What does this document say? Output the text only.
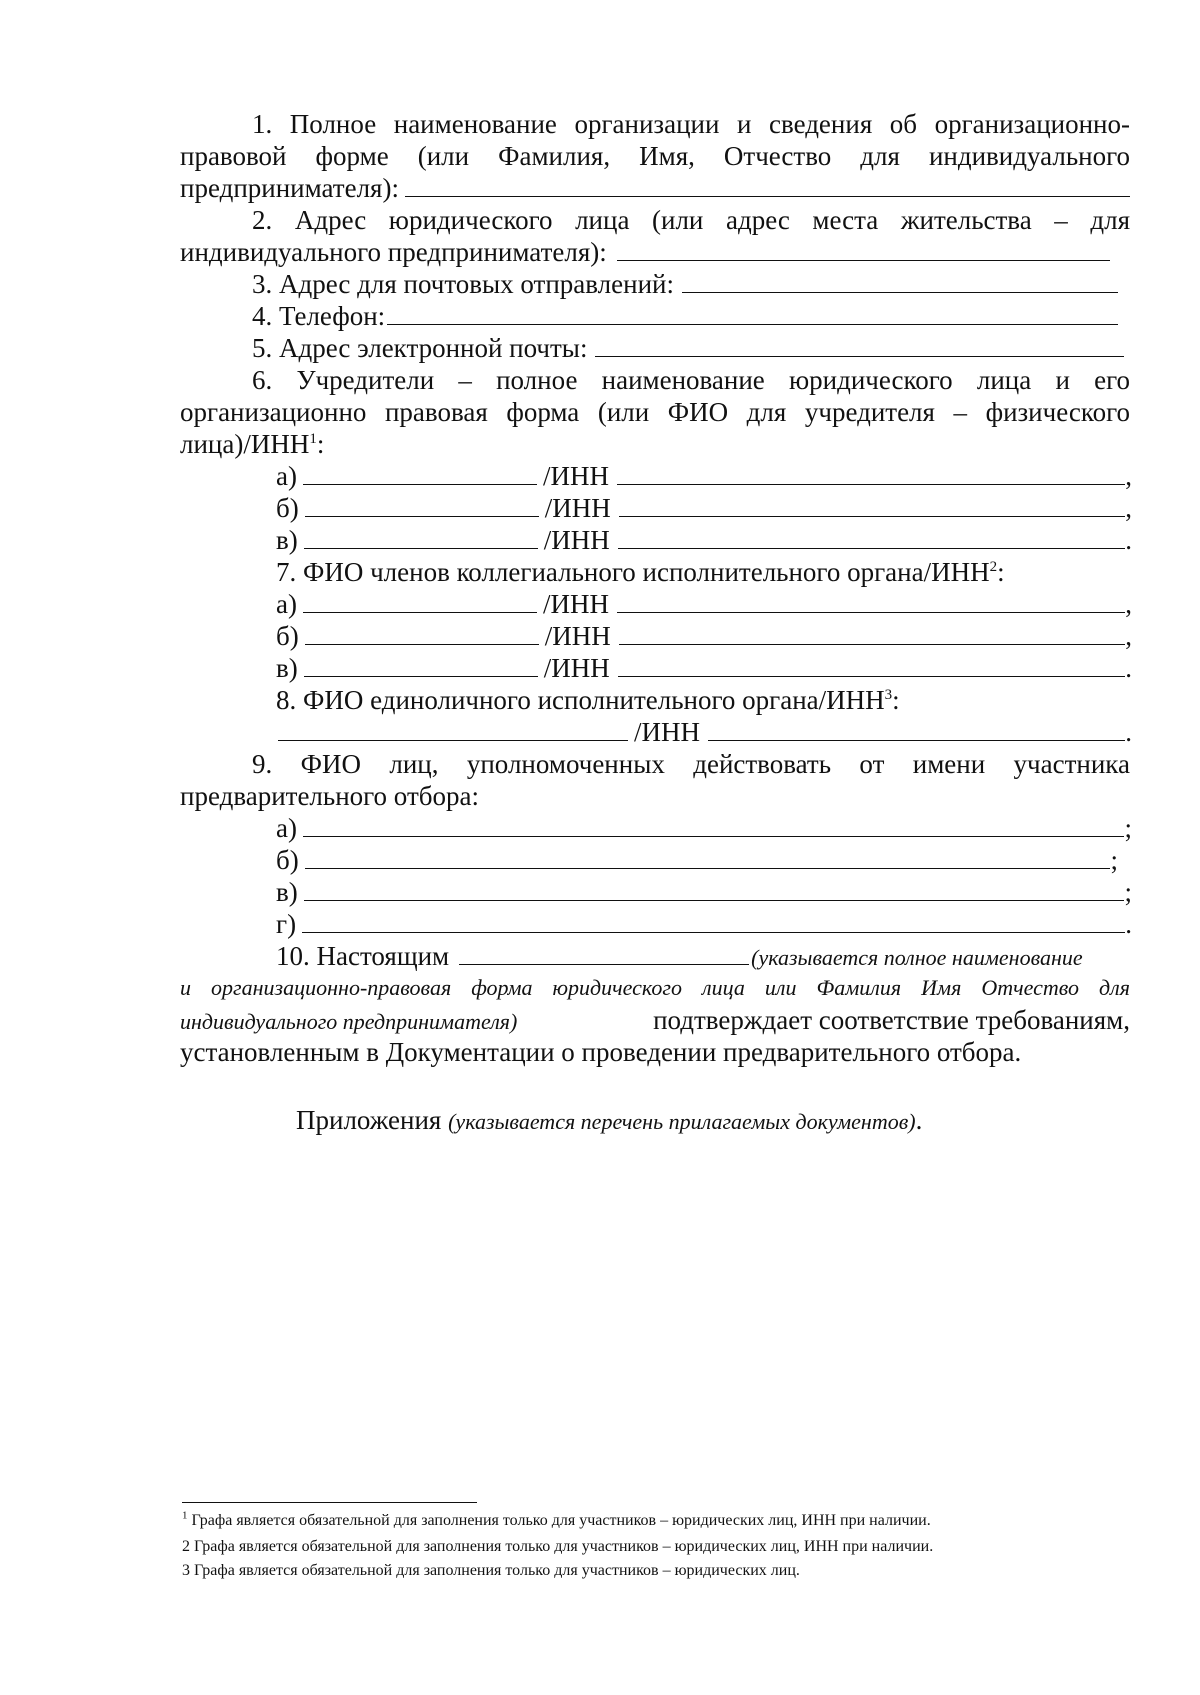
1. Полное наименование организации и сведения об организационно-
правовой форме (или Фамилия, Имя, Отчество для индивидуального
предпринимателя):
2. Адрес юридического лица (или адрес места жительства – для
индивидуального предпринимателя):
3. Адрес для почтовых отправлений:
4. Телефон:
5. Адрес электронной почты:
6. Учредители – полное наименование юридического лица и его
организационно правовая форма (или ФИО для учредителя – физического
лица)/ИНН$^1$:
а)	/ИНН	,
б)	/ИНН	,
в)	/ИНН	.
7. ФИО членов коллегиального исполнительного органа/ИНН$^2$:
а)	/ИНН	,
б)	/ИНН	,
в)	/ИНН	.
8. ФИО единоличного исполнительного органа/ИНН$^3$:
/ИНН	.
9. ФИО лиц, уполномоченных действовать от имени участника
предварительного отбора:
а)	;
б)	;
в)	;
г)	.
10. Настоящим	(указывается полное наименование
и организационно-правовая форма юридического лица или Фамилия Имя Отчество для
индивидуального предпринимателя)	подтверждает соответствие требованиям,
установленным в Документации о проведении предварительного отбора.
Приложения (указывается перечень прилагаемых документов).
$^1$ Графа является обязательной для заполнения только для участников – юридических лиц, ИНН при наличии.
2 Графа является обязательной для заполнения только для участников – юридических лиц, ИНН при наличии.
3 Графа является обязательной для заполнения только для участников – юридических лиц.
